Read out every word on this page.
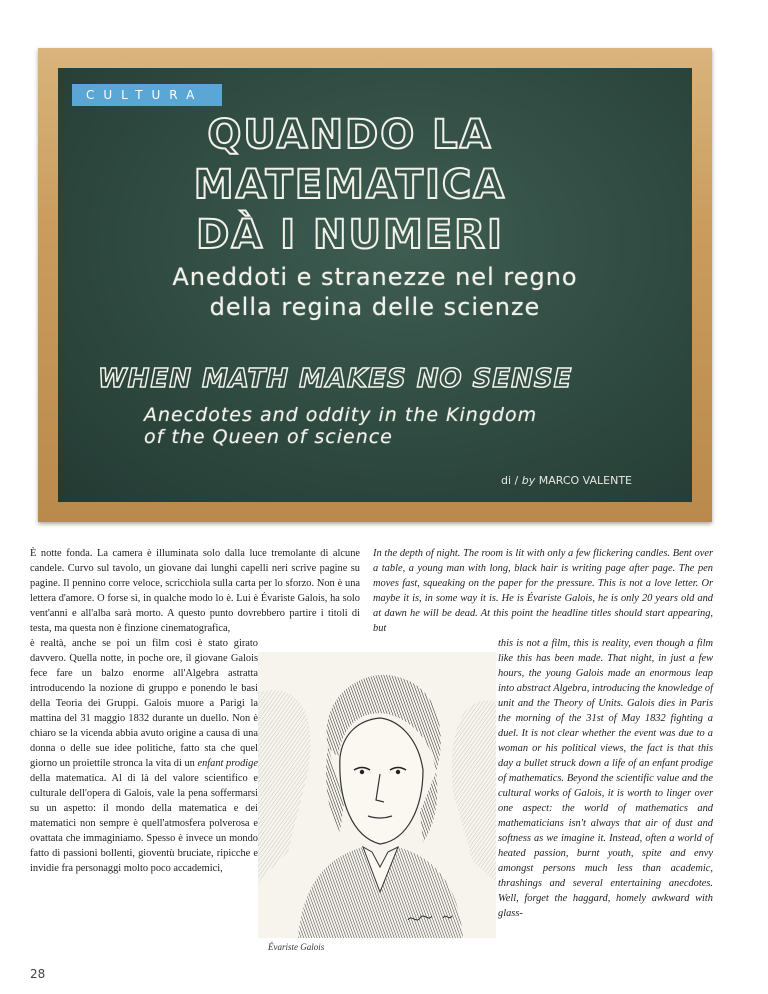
CULTURA
QUANDO LA
MATEMATICA
DÀ I NUMERI
Aneddoti e stranezze nel regno
della regina delle scienze
WHEN MATH MAKES NO SENSE
Anecdotes and oddity in the Kingdom
of the Queen of science
di / by MARCO VALENTE
È notte fonda. La camera è illuminata solo dalla luce tremolante di alcune candele. Curvo sul tavolo, un giovane dai lunghi capelli neri scrive pagine su pagine. Il pennino corre veloce, scricchiola sulla carta per lo sforzo. Non è una lettera d'amore. O forse sì, in qualche modo lo è. Lui è Évariste Galois, ha solo vent'anni e all'alba sarà morto. A questo punto dovrebbero partire i titoli di testa, ma questa non è finzione cinematografica,
è realtà, anche se poi un film così è stato girato davvero. Quella notte, in poche ore, il giovane Galois fece fare un balzo enorme all'Algebra astratta introducendo la nozione di gruppo e ponendo le basi della Teoria dei Gruppi. Galois muore a Parigi la mattina del 31 maggio 1832 durante un duello. Non è chiaro se la vicenda abbia avuto origine a causa di una donna o delle sue idee politiche, fatto sta che quel giorno un proiettile stronca la vita di un enfant prodige della matematica. Al di là del valore scientifico e culturale dell'opera di Galois, vale la pena soffermarsi su un aspetto: il mondo della matematica e dei matematici non sempre è quell'atmosfera polverosa e ovattata che immaginiamo. Spesso è invece un mondo fatto di passioni bollenti, gioventù bruciate, ripicche e invidie fra personaggi molto poco accademici,
In the depth of night. The room is lit with only a few flickering candles. Bent over a table, a young man with long, black hair is writing page after page. The pen moves fast, squeaking on the paper for the pressure. This is not a love letter. Or maybe it is, in some way it is. He is Évariste Galois, he is only 20 years old and at dawn he will be dead. At this point the headline titles should start appearing, but
this is not a film, this is reality, even though a film like this has been made. That night, in just a few hours, the young Galois made an enormous leap into abstract Algebra, introducing the knowledge of unit and the Theory of Units. Galois dies in Paris the morning of the 31st of May 1832 fighting a duel. It is not clear whether the event was due to a woman or his political views, the fact is that this day a bullet struck down a life of an enfant prodige of mathematics. Beyond the scientific value and the cultural works of Galois, it is worth to linger over one aspect: the world of mathematics and mathematicians isn't always that air of dust and softness as we imagine it. Instead, often a world of heated passion, burnt youth, spite and envy amongst persons much less than academic, thrashings and several entertaining anecdotes. Well, forget the haggard, homely awkward with glass-
Évariste Galois
28
